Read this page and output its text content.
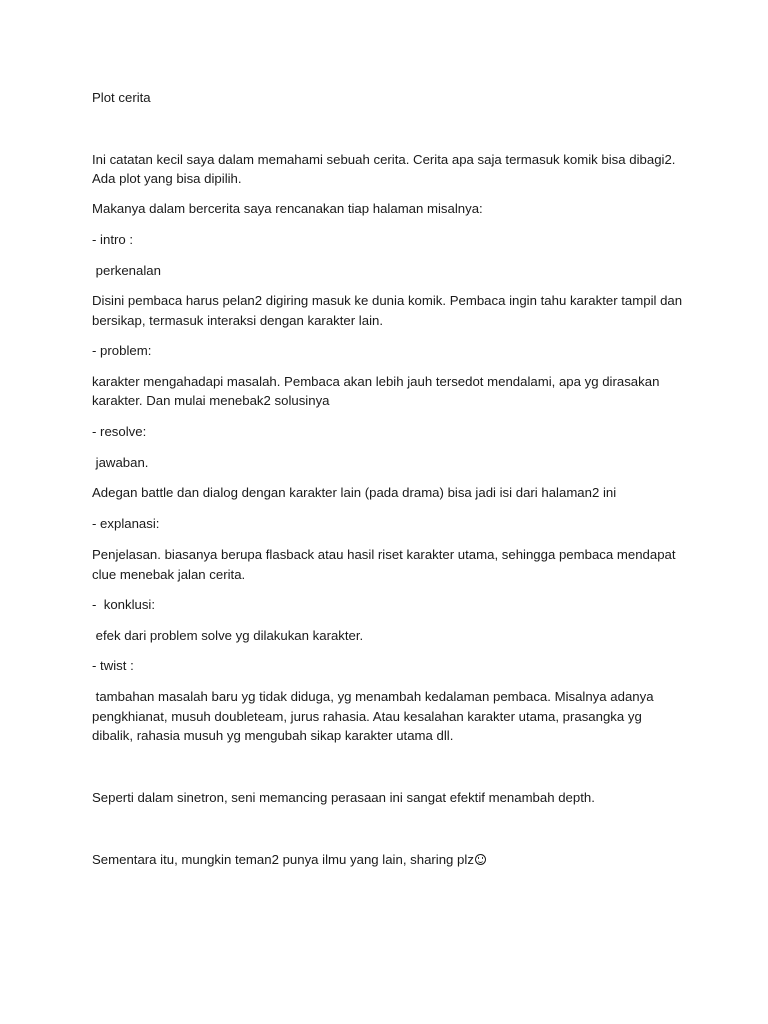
Plot cerita

Ini catatan kecil saya dalam memahami sebuah cerita. Cerita apa saja termasuk komik bisa dibagi2.

Ada plot yang bisa dipilih.

Makanya dalam bercerita saya rencanakan tiap halaman misalnya:

- intro :

perkenalan

Disini pembaca harus pelan2 digiring masuk ke dunia komik. Pembaca ingin tahu karakter tampil dan

bersikap, termasuk interaksi dengan karakter lain.

- problem:

karakter mengahadapi masalah. Pembaca akan lebih jauh tersedot mendalami, apa yg dirasakan

karakter. Dan mulai menebak2 solusinya

- resolve:

jawaban.

Adegan battle dan dialog dengan karakter lain (pada drama) bisa jadi isi dari halaman2 ini

- explanasi:

Penjelasan. biasanya berupa flasback atau hasil riset karakter utama, sehingga pembaca mendapat

clue menebak jalan cerita.

-  konklusi:

efek dari problem solve yg dilakukan karakter.

- twist :

tambahan masalah baru yg tidak diduga, yg menambah kedalaman pembaca. Misalnya adanya

pengkhianat, musuh doubleteam, jurus rahasia. Atau kesalahan karakter utama, prasangka yg

dibalik, rahasia musuh yg mengubah sikap karakter utama dll.

Seperti dalam sinetron, seni memancing perasaan ini sangat efektif menambah depth.

Sementara itu, mungkin teman2 punya ilmu yang lain, sharing plz
